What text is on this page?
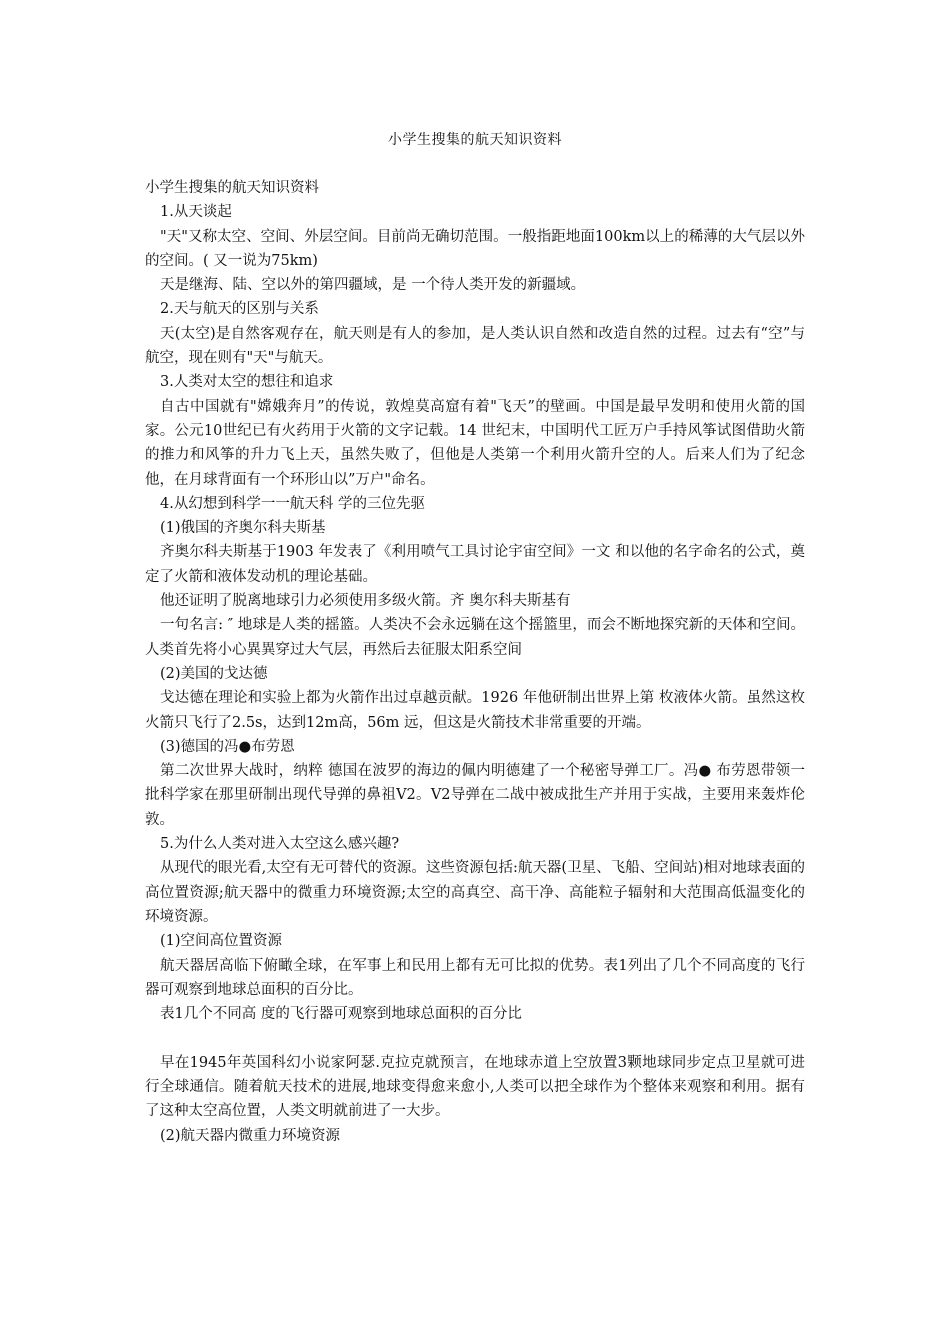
小学生搜集的航天知识资料

小学生搜集的航天知识资料

1.从天谈起

"天"又称太空、空间、外层空间。目前尚无确切范围。一般指距地面100km以上的稀薄的大气层以外的空间。( 又一说为75km)

天是继海、陆、空以外的第四疆域，是 一个待人类开发的新疆域。

2.天与航天的区别与关系

天(太空)是自然客观存在，航天则是有人的参加，是人类认识自然和改造自然的过程。过去有“空”与航空，现在则有"天"与航天。

3.人类对太空的想往和追求

自古中国就有"嫦娥奔月”的传说，敦煌莫高窟有着"飞天”的壁画。中国是最早发明和使用火箭的国家。公元10世纪已有火药用于火箭的文字记载。14 世纪末，中国明代工匠万户手持风筝试图借助火箭的推力和风筝的升力飞上天，虽然失败了，但他是人类第一个利用火箭升空的人。后来人们为了纪念他，在月球背面有一个环形山以”万户"命名。

4.从幻想到科学一一航天科 学的三位先驱

(1)俄国的齐奥尔科夫斯基

齐奥尔科夫斯基于1903 年发表了《利用喷气工具讨论宇宙空间》一文 和以他的名字命名的公式，奠定了火箭和液体发动机的理论基础。

他还证明了脱离地球引力必须使用多级火箭。齐 奥尔科夫斯基有

一句名言: ″ 地球是人类的摇篮。人类决不会永远躺在这个摇篮里，而会不断地探究新的天体和空间。人类首先将小心異異穿过大气层，再然后去征服太阳系空间

(2)美国的戈达德

戈达德在理论和实验上都为火箭作出过卓越贡献。1926 年他研制出世界上第 枚液体火箭。虽然这枚火箭只飞行了2.5s，达到12m高，56m 远，但这是火箭技术非常重要的开端。

(3)德国的冯●布劳恩

第二次世界大战时，纳粹 德国在波罗的海边的佩内明德建了一个秘密导弹工厂。冯● 布劳恩带领一批科学家在那里研制出现代导弹的鼻祖V2。V2导弹在二战中被成批生产并用于实战，主要用来轰炸伦敦。

5.为什么人类对进入太空这么感兴趣?

从现代的眼光看,太空有无可替代的资源。这些资源包括:航天器(卫星、飞船、空间站)相对地球表面的高位置资源;航天器中的微重力环境资源;太空的高真空、高干净、高能粒子辐射和大范围高低温变化的环境资源。

(1)空间高位置资源

航天器居高临下俯瞰全球，在军事上和民用上都有无可比拟的优势。表1列出了几个不同高度的飞行器可观察到地球总面积的百分比。

表1几个不同高 度的飞行器可观察到地球总面积的百分比

早在1945年英国科幻小说家阿瑟.克拉克就预言，在地球赤道上空放置3颗地球同步定点卫星就可进行全球通信。随着航天技术的进展,地球变得愈来愈小,人类可以把全球作为个整体来观察和利用。据有了这种太空高位置，人类文明就前进了一大步。

(2)航天器内微重力环境资源
